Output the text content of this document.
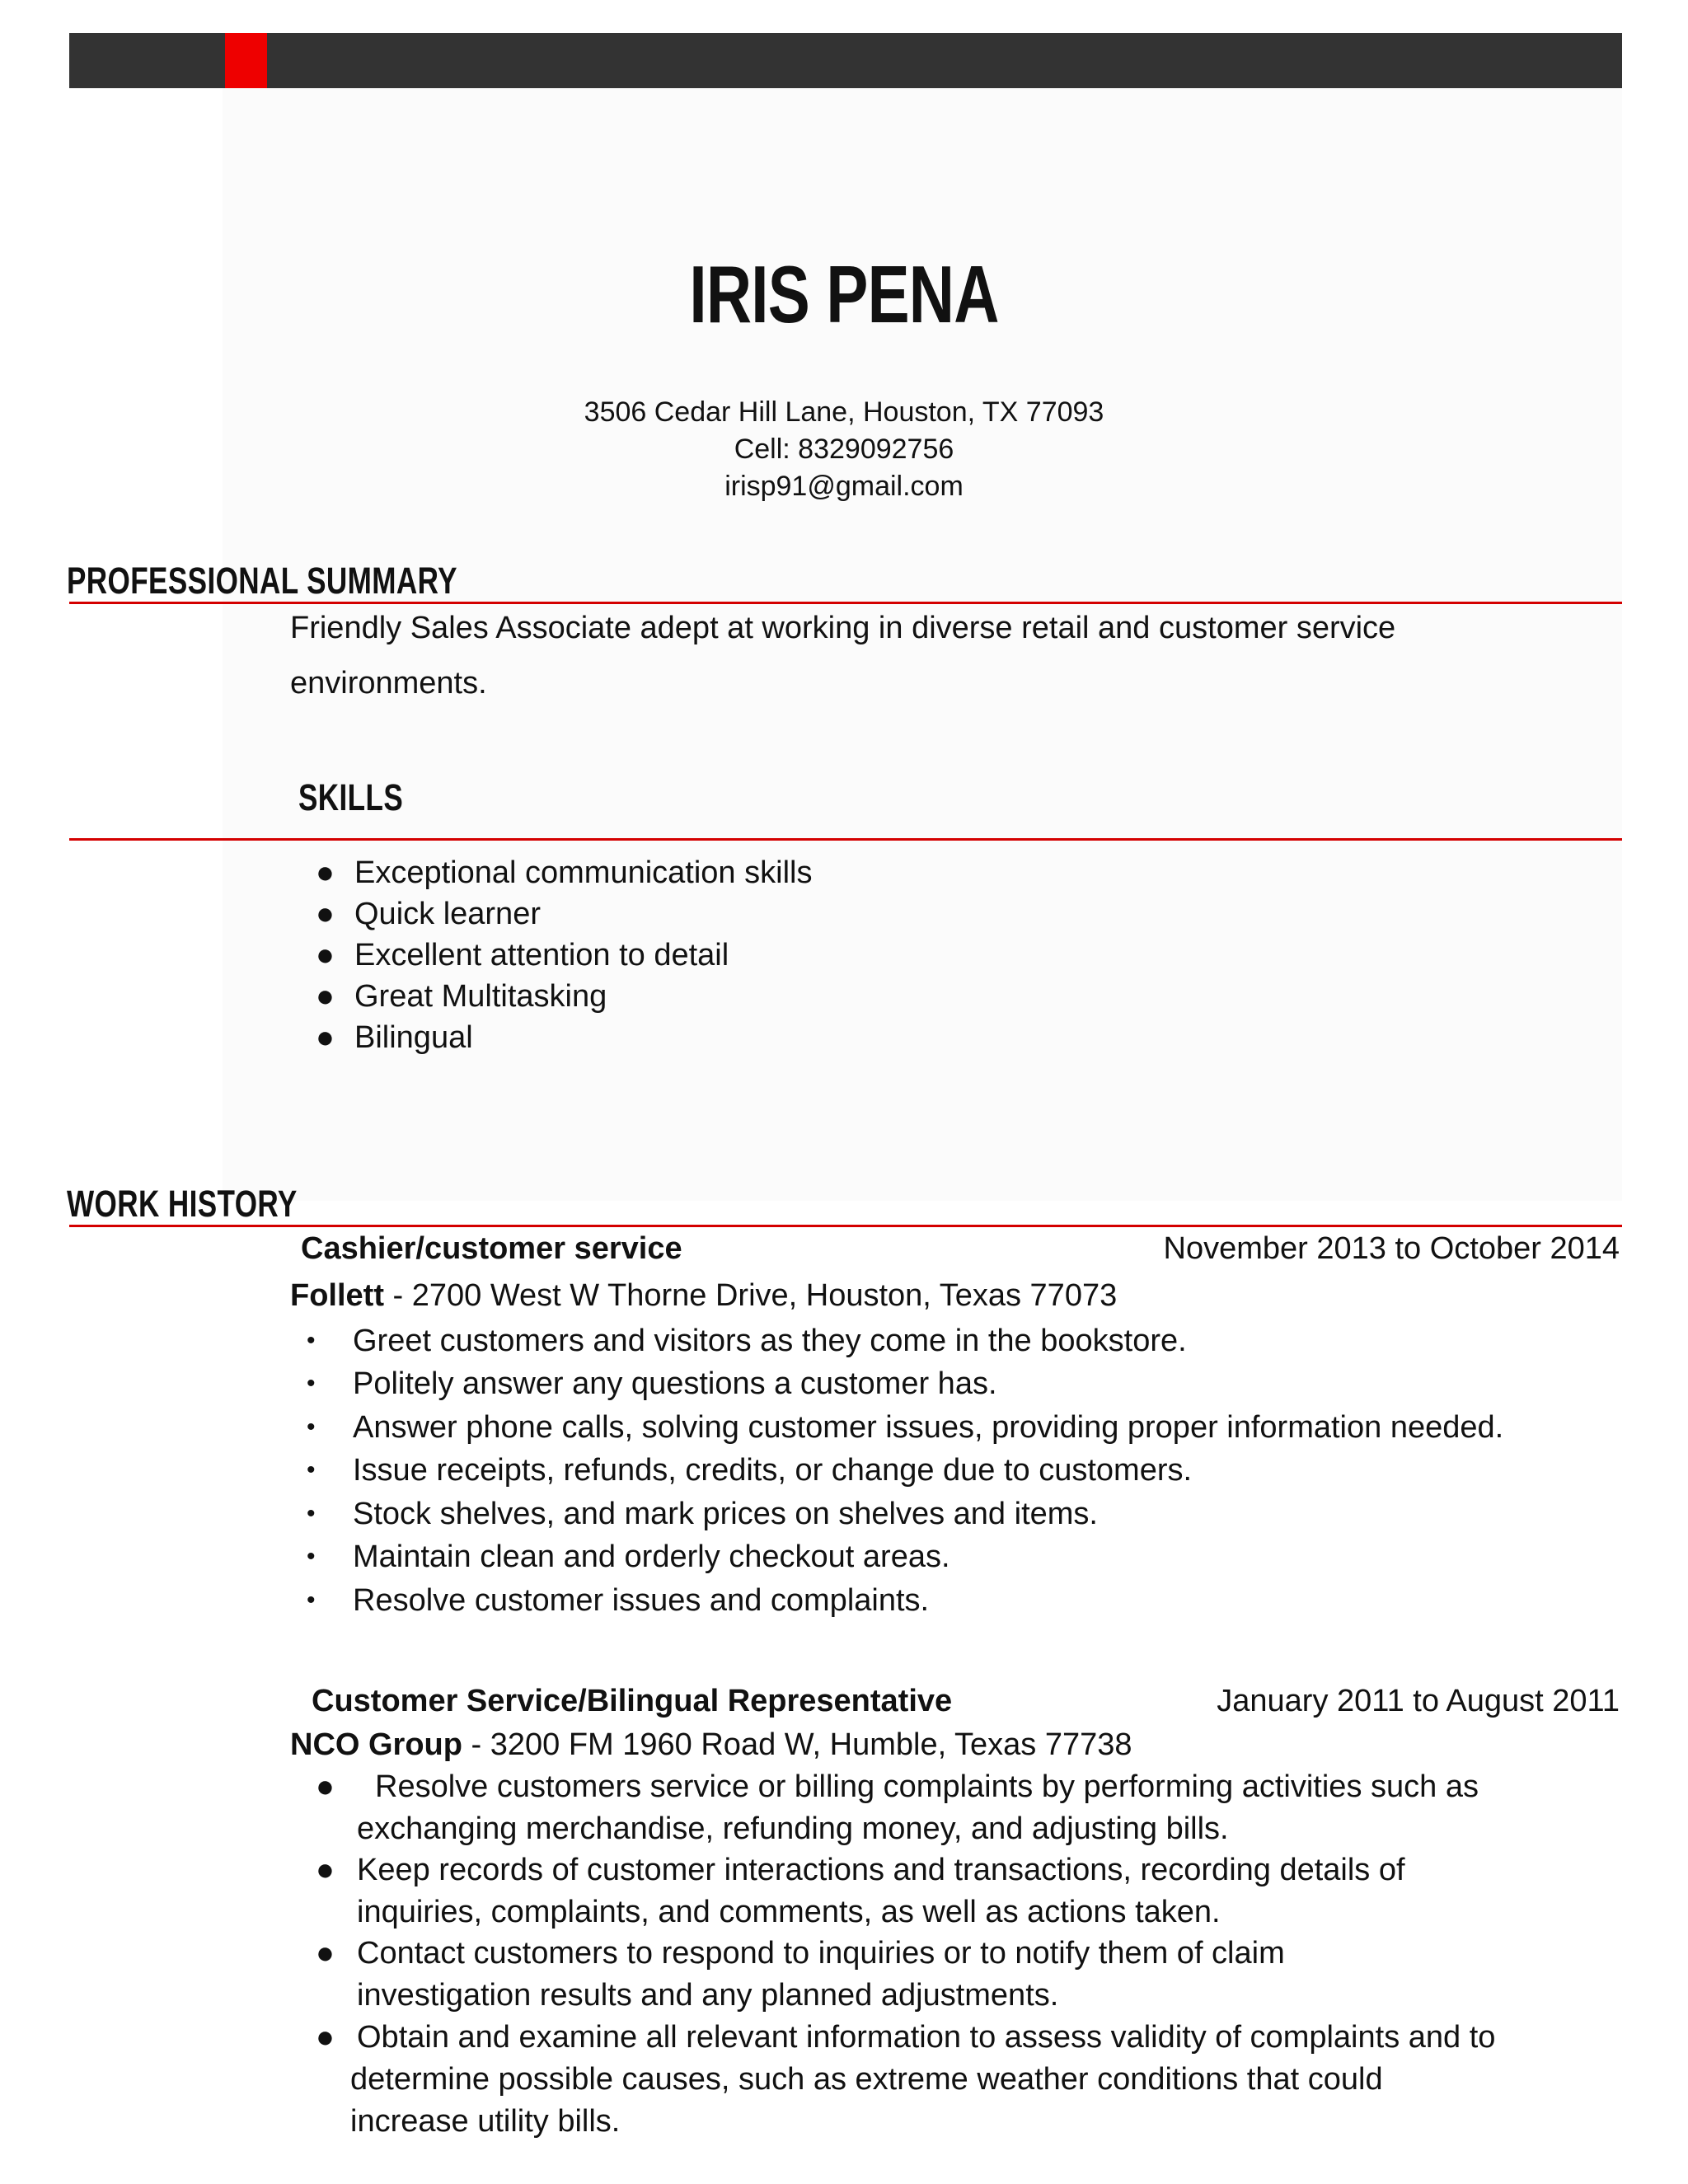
IRIS PENA
3506 Cedar Hill Lane, Houston, TX 77093
Cell: 8329092756
irisp91@gmail.com
PROFESSIONAL SUMMARY
Friendly Sales Associate adept at working in diverse retail and customer service
environments.
SKILLS
● Exceptional communication skills
● Quick learner
● Excellent attention to detail
● Great Multitasking
● Bilingual
WORK HISTORY
Cashier/customer service	November 2013 to October 2014
Follett - 2700 West W Thorne Drive, Houston, Texas 77073
• Greet customers and visitors as they come in the bookstore.
• Politely answer any questions a customer has.
• Answer phone calls, solving customer issues, providing proper information needed.
• Issue receipts, refunds, credits, or change due to customers.
• Stock shelves, and mark prices on shelves and items.
• Maintain clean and orderly checkout areas.
• Resolve customer issues and complaints.
Customer Service/Bilingual Representative	January 2011 to August 2011
NCO Group - 3200 FM 1960 Road W, Humble, Texas 77738
● Resolve customers service or billing complaints by performing activities such as
exchanging merchandise, refunding money, and adjusting bills.
● Keep records of customer interactions and transactions, recording details of
inquiries, complaints, and comments, as well as actions taken.
● Contact customers to respond to inquiries or to notify them of claim
investigation results and any planned adjustments.
● Obtain and examine all relevant information to assess validity of complaints and to
determine possible causes, such as extreme weather conditions that could
increase utility bills.
